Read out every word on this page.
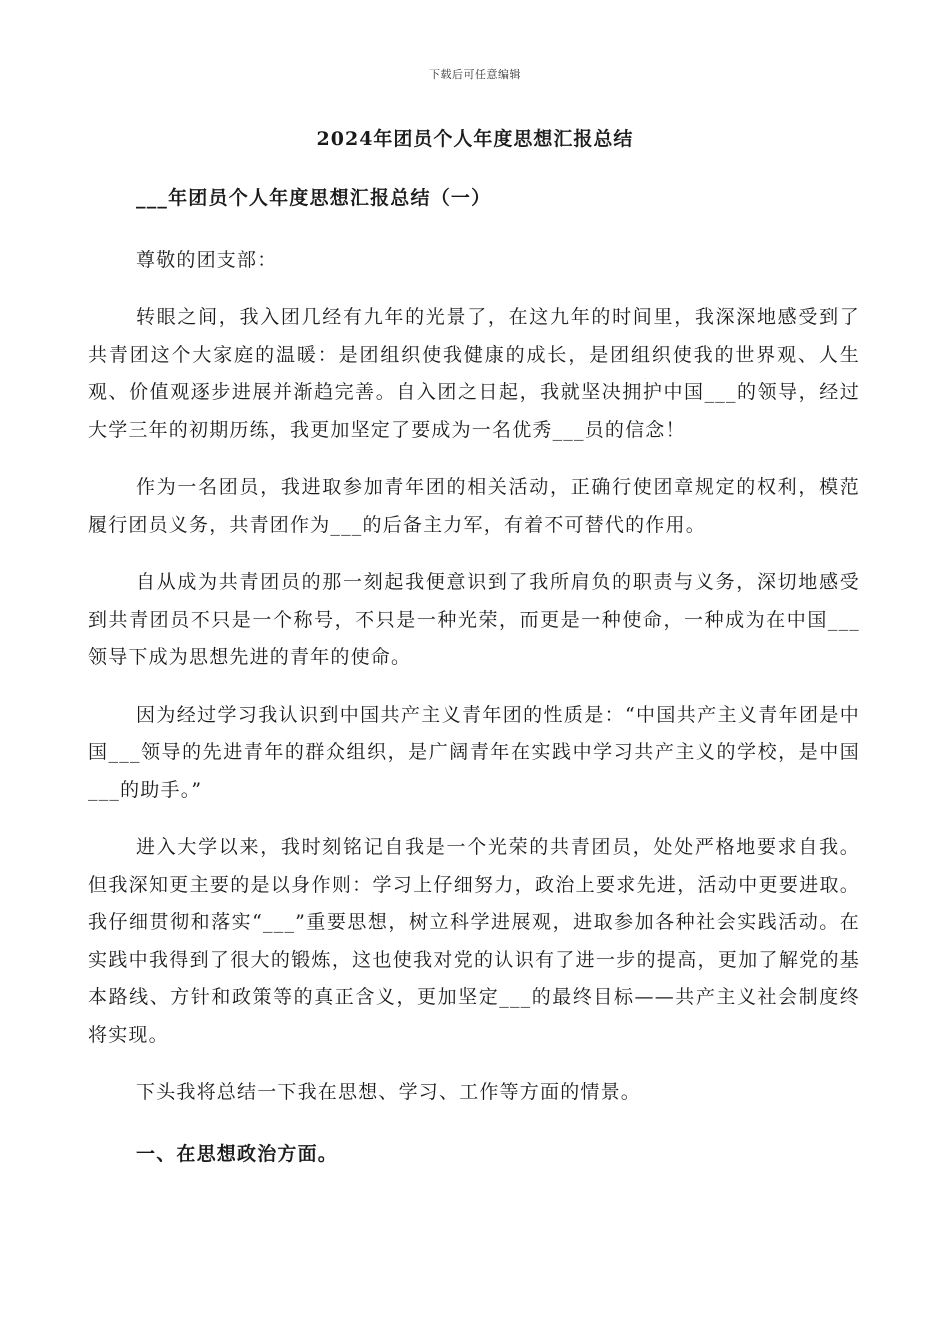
下载后可任意编辑
2024年团员个人年度思想汇报总结

___年团员个人年度思想汇报总结（一）

尊敬的团支部：

转眼之间，我入团几经有九年的光景了，在这九年的时间里，我深深地感受到了共青团这个大家庭的温暖：是团组织使我健康的成长，是团组织使我的世界观、人生观、价值观逐步进展并渐趋完善。自入团之日起，我就坚决拥护中国___的领导，经过大学三年的初期历练，我更加坚定了要成为一名优秀___员的信念！

作为一名团员，我进取参加青年团的相关活动，正确行使团章规定的权利，模范履行团员义务，共青团作为___的后备主力军，有着不可替代的作用。

自从成为共青团员的那一刻起我便意识到了我所肩负的职责与义务，深切地感受到共青团员不只是一个称号，不只是一种光荣，而更是一种使命，一种成为在中国___领导下成为思想先进的青年的使命。

因为经过学习我认识到中国共产主义青年团的性质是：“中国共产主义青年团是中国___领导的先进青年的群众组织，是广阔青年在实践中学习共产主义的学校，是中国___的助手。”

进入大学以来，我时刻铭记自我是一个光荣的共青团员，处处严格地要求自我。但我深知更主要的是以身作则：学习上仔细努力，政治上要求先进，活动中更要进取。我仔细贯彻和落实“___”重要思想，树立科学进展观，进取参加各种社会实践活动。在实践中我得到了很大的锻炼，这也使我对党的认识有了进一步的提高，更加了解党的基本路线、方针和政策等的真正含义，更加坚定___的最终目标——共产主义社会制度终将实现。

下头我将总结一下我在思想、学习、工作等方面的情景。

一、在思想政治方面。
